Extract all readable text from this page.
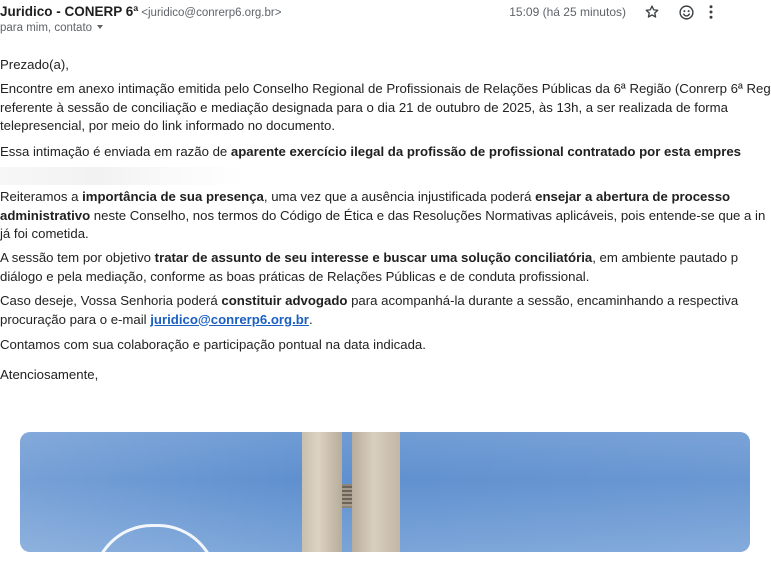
Juridico - CONERP 6ª <juridico@conrerp6.org.br>
para mim, contato
15:09 (há 25 minutos)

Prezado(a),

Encontre em anexo intimação emitida pelo Conselho Regional de Profissionais de Relações Públicas da 6ª Região (Conrerp 6ª Reg

referente à sessão de conciliação e mediação designada para o dia 21 de outubro de 2025, às 13h, a ser realizada de forma

telepresencial, por meio do link informado no documento.

Essa intimação é enviada em razão de aparente exercício ilegal da profissão de profissional contratado por esta empres

Reiteramos a importância de sua presença, uma vez que a ausência injustificada poderá ensejar a abertura de processo

administrativo neste Conselho, nos termos do Código de Ética e das Resoluções Normativas aplicáveis, pois entende-se que a in

já foi cometida.

A sessão tem por objetivo tratar de assunto de seu interesse e buscar uma solução conciliatória, em ambiente pautado p

diálogo e pela mediação, conforme as boas práticas de Relações Públicas e de conduta profissional.

Caso deseje, Vossa Senhoria poderá constituir advogado para acompanhá-la durante a sessão, encaminhando a respectiva

procuração para o e-mail juridico@conrerp6.org.br.

Contamos com sua colaboração e participação pontual na data indicada.

Atenciosamente,
